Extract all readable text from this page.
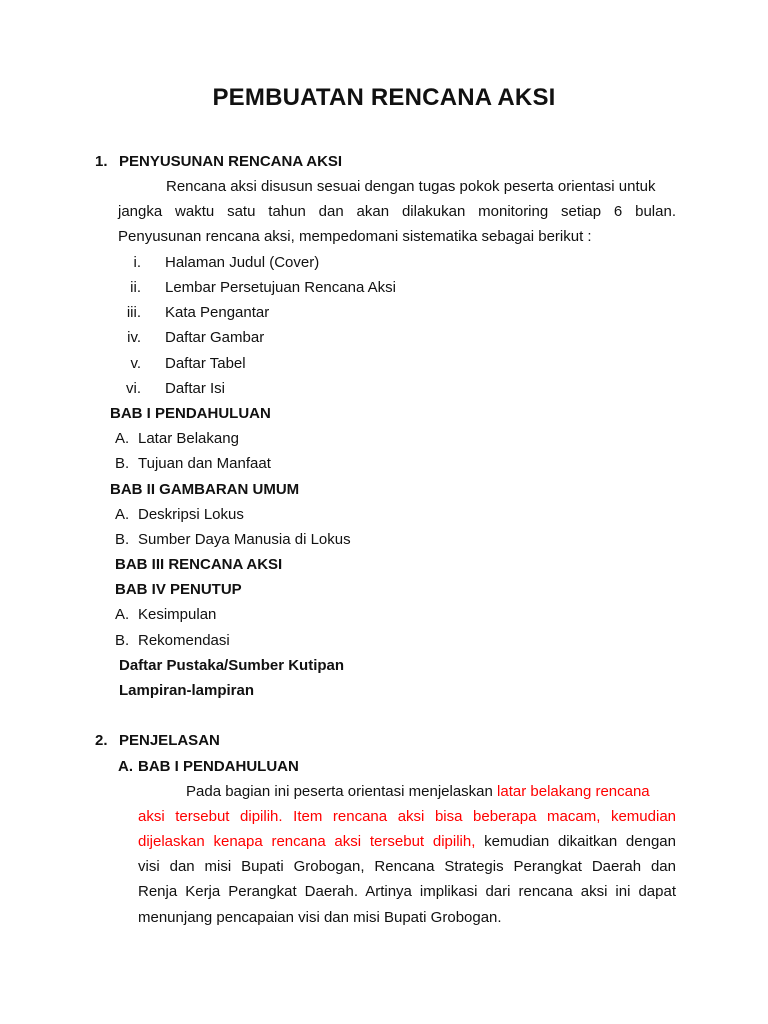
PEMBUATAN RENCANA AKSI
1. PENYUSUNAN RENCANA AKSI
Rencana aksi disusun sesuai dengan tugas pokok peserta orientasi untuk
jangka waktu satu tahun dan akan dilakukan monitoring setiap 6 bulan.
Penyusunan rencana aksi, mempedomani sistematika sebagai berikut :
i. Halaman Judul (Cover)
ii. Lembar Persetujuan Rencana Aksi
iii. Kata Pengantar
iv. Daftar Gambar
v. Daftar Tabel
vi. Daftar Isi
BAB I PENDAHULUAN
A. Latar Belakang
B. Tujuan dan Manfaat
BAB II GAMBARAN UMUM
A. Deskripsi Lokus
B. Sumber Daya Manusia di Lokus
BAB III RENCANA AKSI
BAB IV PENUTUP
A. Kesimpulan
B. Rekomendasi
Daftar Pustaka/Sumber Kutipan
Lampiran-lampiran
2. PENJELASAN
A. BAB I PENDAHULUAN
Pada bagian ini peserta orientasi menjelaskan latar belakang rencana
aksi tersebut dipilih. Item rencana aksi bisa beberapa macam, kemudian
dijelaskan kenapa rencana aksi tersebut dipilih, kemudian dikaitkan dengan
visi dan misi Bupati Grobogan, Rencana Strategis Perangkat Daerah dan
Renja Kerja Perangkat Daerah. Artinya implikasi dari rencana aksi ini dapat
menunjang pencapaian visi dan misi Bupati Grobogan.
